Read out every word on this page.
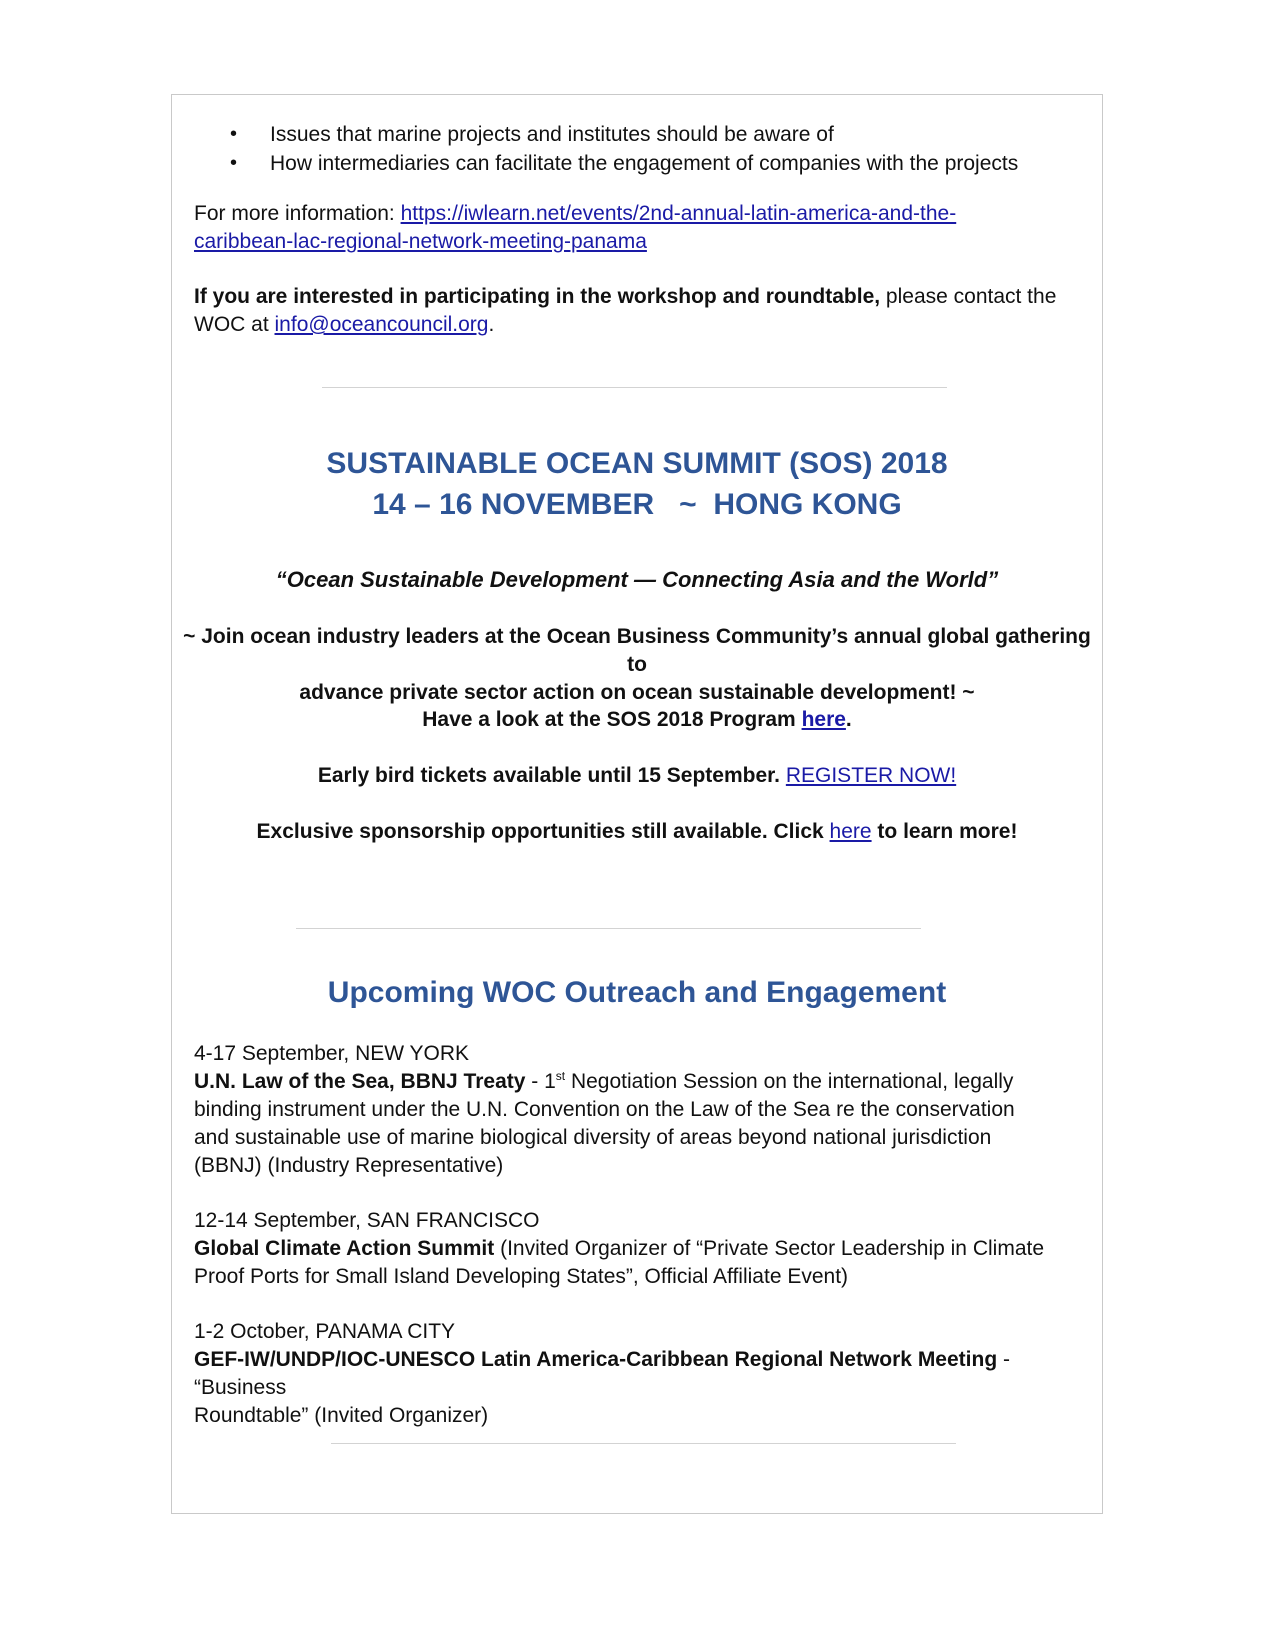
• Issues that marine projects and institutes should be aware of
• How intermediaries can facilitate the engagement of companies with the projects
For more information: https://iwlearn.net/events/2nd-annual-latin-america-and-the-
caribbean-lac-regional-network-meeting-panama
If you are interested in participating in the workshop and roundtable, please contact the
WOC at info@oceancouncil.org.
SUSTAINABLE OCEAN SUMMIT (SOS) 2018
14 – 16 NOVEMBER   ~  HONG KONG
“Ocean Sustainable Development — Connecting Asia and the World”
~ Join ocean industry leaders at the Ocean Business Community’s annual global gathering to
advance private sector action on ocean sustainable development! ~
Have a look at the SOS 2018 Program here.
Early bird tickets available until 15 September. REGISTER NOW!
Exclusive sponsorship opportunities still available. Click here to learn more!
Upcoming WOC Outreach and Engagement
4-17 September, NEW YORK
U.N. Law of the Sea, BBNJ Treaty - 1st Negotiation Session on the international, legally
binding instrument under the U.N. Convention on the Law of the Sea re the conservation
and sustainable use of marine biological diversity of areas beyond national jurisdiction
(BBNJ) (Industry Representative)
12-14 September, SAN FRANCISCO
Global Climate Action Summit (Invited Organizer of “Private Sector Leadership in Climate
Proof Ports for Small Island Developing States”, Official Affiliate Event)
1-2 October, PANAMA CITY
GEF-IW/UNDP/IOC-UNESCO Latin America-Caribbean Regional Network Meeting - “Business
Roundtable” (Invited Organizer)
